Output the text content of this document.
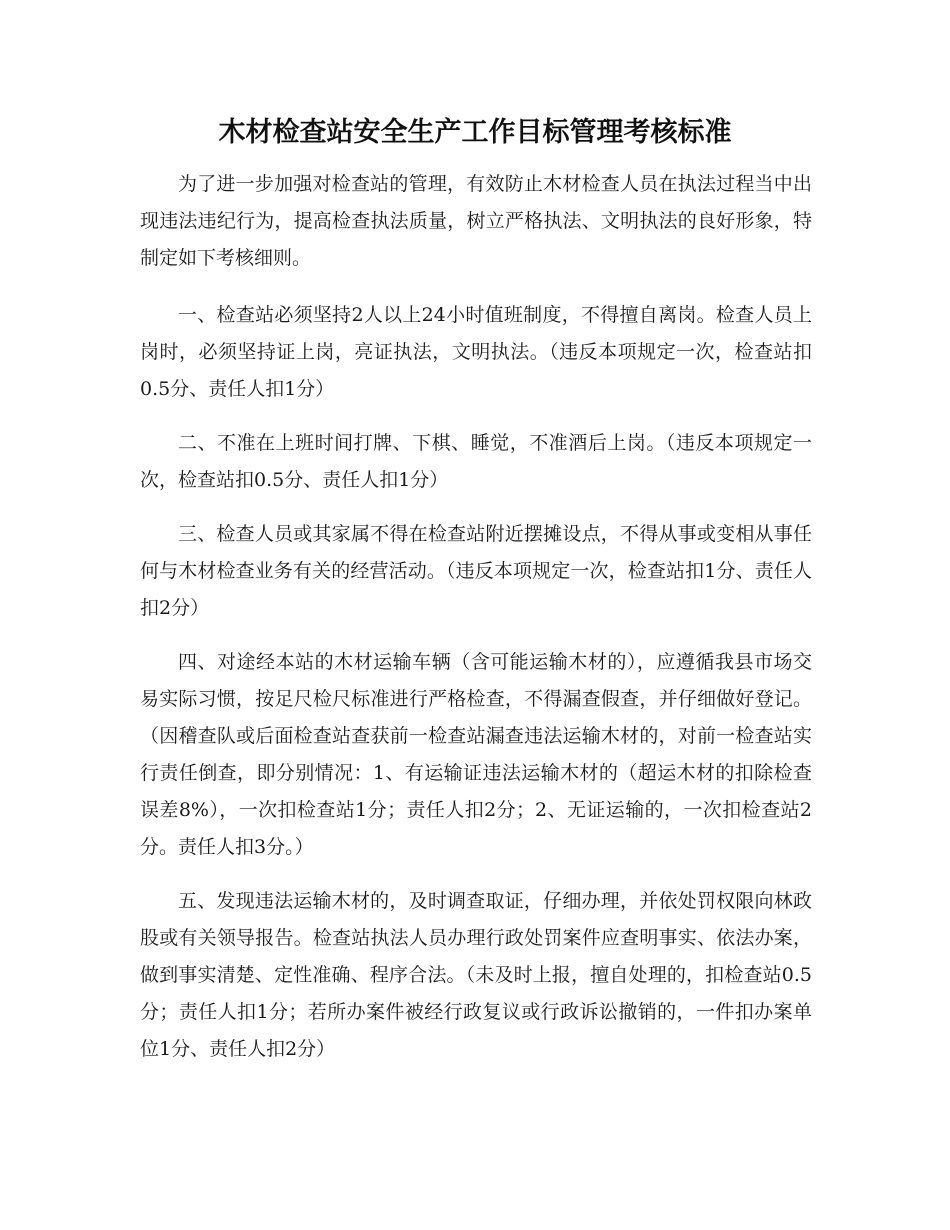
木材检查站安全生产工作目标管理考核标准

为了进一步加强对检查站的管理，有效防止木材检查人员在执法过程当中出现违法违纪行为，提高检查执法质量，树立严格执法、文明执法的良好形象，特制定如下考核细则。

一、检查站必须坚持2人以上24小时值班制度，不得擅自离岗。检查人员上岗时，必须坚持证上岗，亮证执法，文明执法。（违反本项规定一次，检查站扣0.5分、责任人扣1分）

二、不准在上班时间打牌、下棋、睡觉，不准酒后上岗。（违反本项规定一次，检查站扣0.5分、责任人扣1分）

三、检查人员或其家属不得在检查站附近摆摊设点，不得从事或变相从事任何与木材检查业务有关的经营活动。（违反本项规定一次，检查站扣1分、责任人扣2分）

四、对途经本站的木材运输车辆（含可能运输木材的），应遵循我县市场交易实际习惯，按足尺检尺标准进行严格检查，不得漏查假查，并仔细做好登记。（因稽查队或后面检查站查获前一检查站漏查违法运输木材的，对前一检查站实行责任倒查，即分别情况：1、有运输证违法运输木材的（超运木材的扣除检查误差8%），一次扣检查站1分；责任人扣2分；2、无证运输的，一次扣检查站2分。责任人扣3分。）

五、发现违法运输木材的，及时调查取证，仔细办理，并依处罚权限向林政股或有关领导报告。检查站执法人员办理行政处罚案件应查明事实、依法办案，做到事实清楚、定性准确、程序合法。（未及时上报，擅自处理的，扣检查站0.5分；责任人扣1分；若所办案件被经行政复议或行政诉讼撤销的，一件扣办案单位1分、责任人扣2分）
